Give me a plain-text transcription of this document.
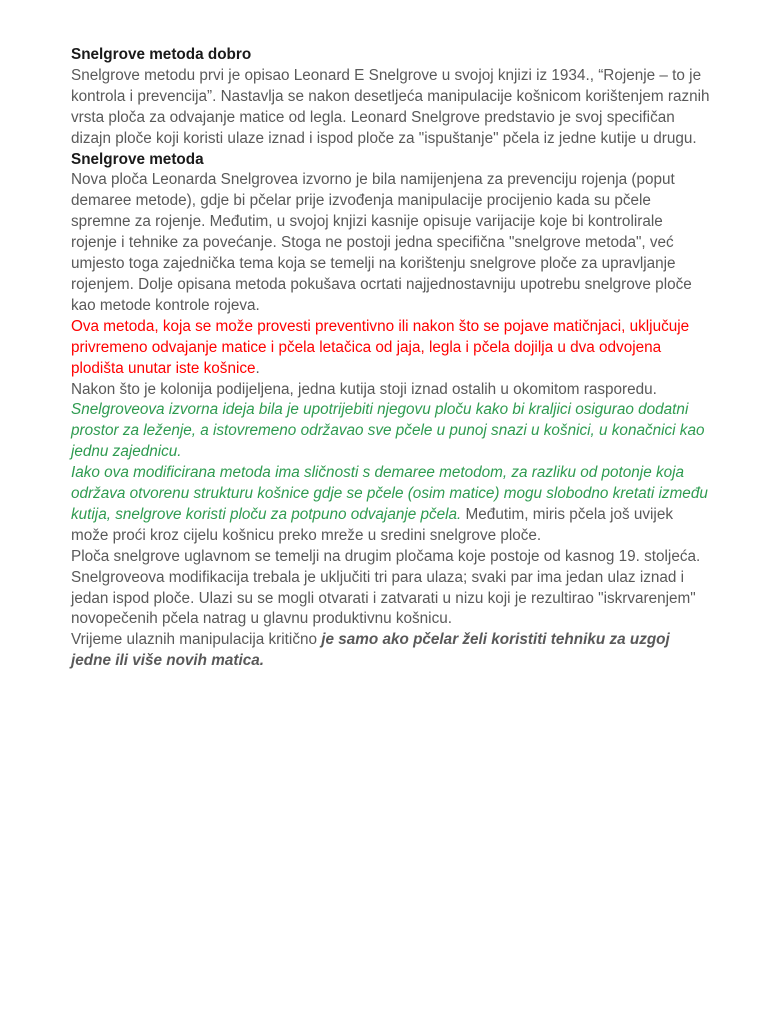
Snelgrove metoda dobro

Snelgrove metodu prvi je opisao Leonard E Snelgrove u svojoj knjizi iz 1934., “Rojenje – to je kontrola i prevencija”. Nastavlja se nakon desetljeća manipulacije košnicom korištenjem raznih vrsta ploča za odvajanje matice od legla. Leonard Snelgrove predstavio je svoj specifičan dizajn ploče koji koristi ulaze iznad i ispod ploče za "ispuštanje" pčela iz jedne kutije u drugu.

Snelgrove metoda

Nova ploča Leonarda Snelgrovea izvorno je bila namijenjena za prevenciju rojenja (poput demaree metode), gdje bi pčelar prije izvođenja manipulacije procijenio kada su pčele spremne za rojenje. Međutim, u svojoj knjizi kasnije opisuje varijacije koje bi kontrolirale rojenje i tehnike za povećanje. Stoga ne postoji jedna specifična "snelgrove metoda", već umjesto toga zajednička tema koja se temelji na korištenju snelgrove ploče za upravljanje rojenjem. Dolje opisana metoda pokušava ocrtati najjednostavniju upotrebu snelgrove ploče kao metode kontrole rojeva.

Ova metoda, koja se može provesti preventivno ili nakon što se pojave matičnjaci, uključuje privremeno odvajanje matice i pčela letačica od jaja, legla i pčela dojilja u dva odvojena plodišta unutar iste košnice.

Nakon što je kolonija podijeljena, jedna kutija stoji iznad ostalih u okomitom rasporedu. Snelgroveova izvorna ideja bila je upotrijebiti njegovu ploču kako bi kraljici osigurao dodatni prostor za leženje, a istovremeno održavao sve pčele u punoj snazi u košnici, u konačnici kao jednu zajednicu.

Iako ova modificirana metoda ima sličnosti s demaree metodom, za razliku od potonje koja održava otvorenu strukturu košnice gdje se pčele (osim matice) mogu slobodno kretati između kutija, snelgrove koristi ploču za potpuno odvajanje pčela. Međutim, miris pčela još uvijek može proći kroz cijelu košnicu preko mreže u sredini snelgrove ploče.

Ploča snelgrove uglavnom se temelji na drugim pločama koje postoje od kasnog 19. stoljeća. Snelgroveova modifikacija trebala je uključiti tri para ulaza; svaki par ima jedan ulaz iznad i jedan ispod ploče. Ulazi su se mogli otvarati i zatvarati u nizu koji je rezultirao "iskrvarenjem" novopečenih pčela natrag u glavnu produktivnu košnicu.

Vrijeme ulaznih manipulacija kritično je samo ako pčelar želi koristiti tehniku za uzgoj jedne ili više novih matica.
